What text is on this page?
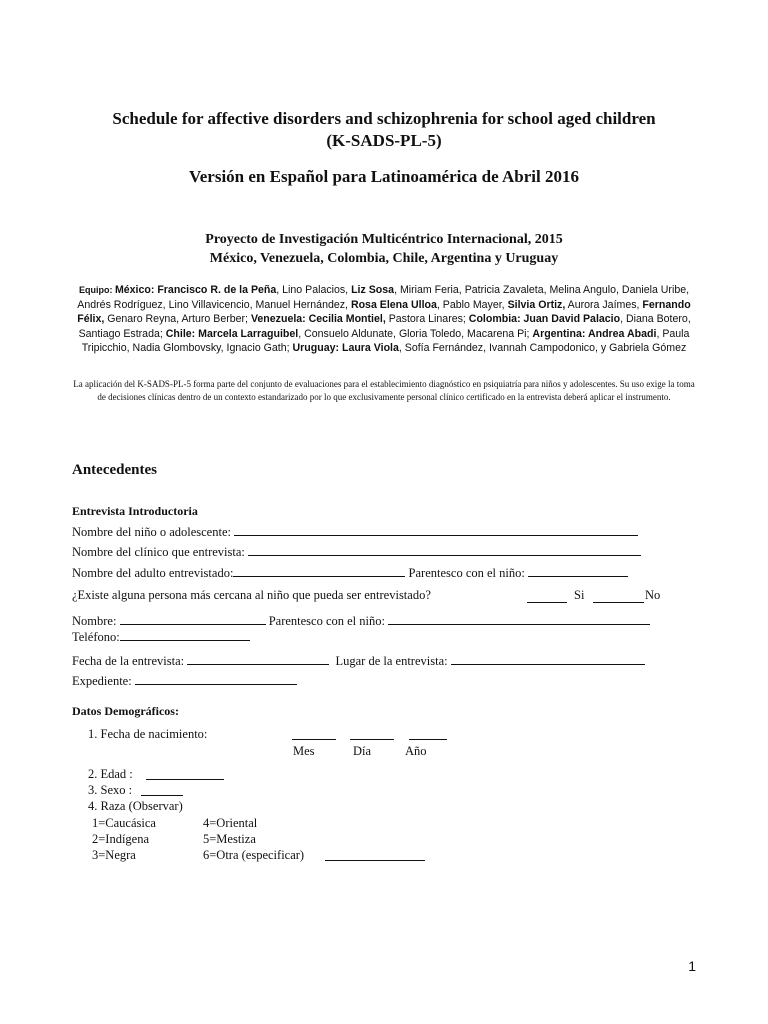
Schedule for affective disorders and schizophrenia for school aged children
(K-SADS-PL-5)
Versión en Español para Latinoamérica de Abril 2016
Proyecto de Investigación Multicéntrico Internacional, 2015
México, Venezuela, Colombia, Chile, Argentina y Uruguay
Equipo: México: Francisco R. de la Peña, Lino Palacios, Liz Sosa, Miriam Feria, Patricia Zavaleta, Melina Angulo, Daniela Uribe, Andrés Rodríguez, Lino Villavicencio, Manuel Hernández, Rosa Elena Ulloa, Pablo Mayer, Silvia Ortiz, Aurora Jaímes, Fernando Félix, Genaro Reyna, Arturo Berber; Venezuela: Cecilia Montiel, Pastora Linares; Colombia: Juan David Palacio, Diana Botero, Santiago Estrada; Chile: Marcela Larraguibel, Consuelo Aldunate, Gloria Toledo, Macarena Pi; Argentina: Andrea Abadi, Paula Tripicchio, Nadia Glombovsky, Ignacio Gath; Uruguay: Laura Viola, Sofía Fernández, Ivannah Campodonico, y Gabriela Gómez
La aplicación del K-SADS-PL-5 forma parte del conjunto de evaluaciones para el establecimiento diagnóstico en psiquiatría para niños y adolescentes. Su uso exige la toma de decisiones clínicas dentro de un contexto estandarizado por lo que exclusivamente personal clínico certificado en la entrevista deberá aplicar el instrumento.
Antecedentes
Entrevista Introductoria
Nombre del niño o adolescente:
Nombre del clínico que entrevista:
Nombre del adulto entrevistado:	Parentesco con el niño:
¿Existe alguna persona más cercana al niño que pueda ser entrevistado?	Si	No
Nombre:	Parentesco con el niño:
Teléfono:
Fecha de la entrevista:	Lugar de la entrevista:
Expediente:
Datos Demográficos:
1. Fecha de nacimiento:
Mes	Día	Año
2. Edad :
3. Sexo :
4. Raza (Observar)
1=Caucásica	4=Oriental
2=Indígena	5=Mestiza
3=Negra	6=Otra (especificar)
1
